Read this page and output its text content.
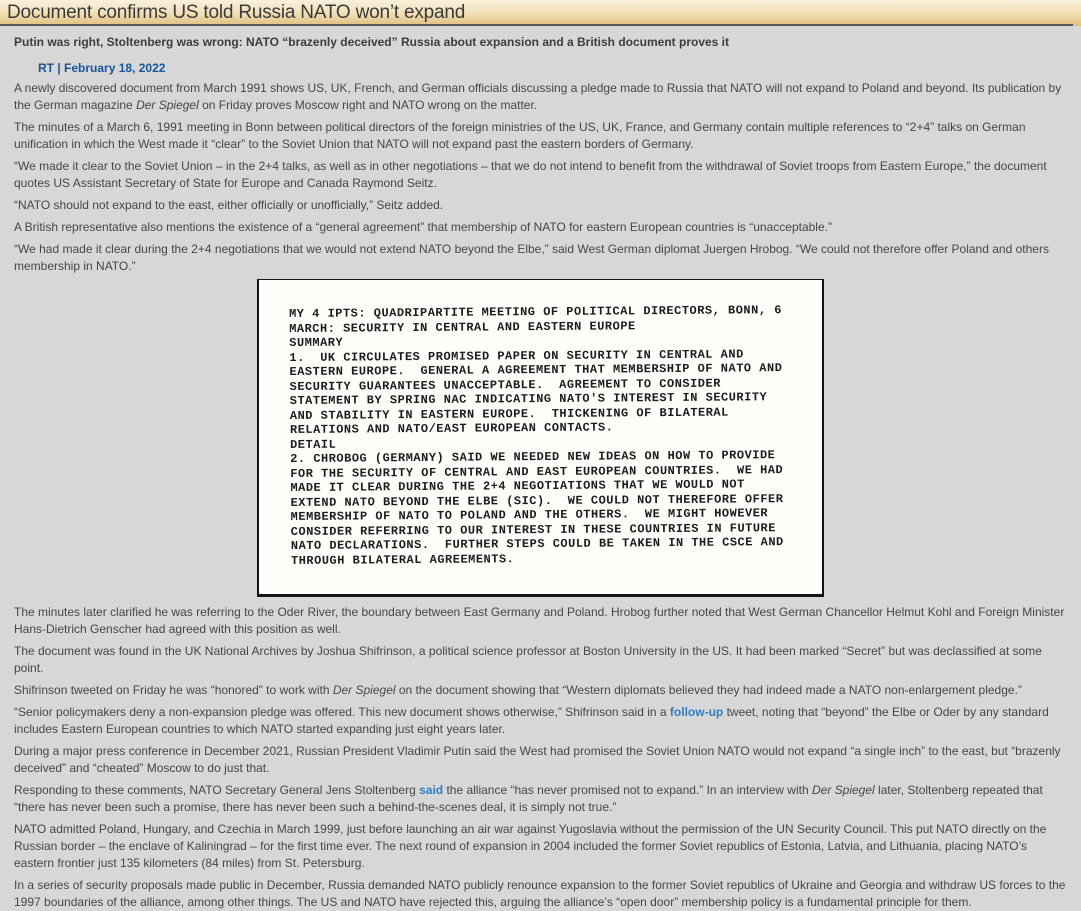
Document confirms US told Russia NATO won’t expand
Putin was right, Stoltenberg was wrong: NATO “brazenly deceived” Russia about expansion and a British document proves it
RT | February 18, 2022

A newly discovered document from March 1991 shows US, UK, French, and German officials discussing a pledge made to Russia that NATO will not expand to Poland and beyond. Its publication by the German magazine Der Spiegel on Friday proves Moscow right and NATO wrong on the matter.

The minutes of a March 6, 1991 meeting in Bonn between political directors of the foreign ministries of the US, UK, France, and Germany contain multiple references to “2+4” talks on German unification in which the West made it “clear” to the Soviet Union that NATO will not expand past the eastern borders of Germany.

“We made it clear to the Soviet Union – in the 2+4 talks, as well as in other negotiations – that we do not intend to benefit from the withdrawal of Soviet troops from Eastern Europe,” the document quotes US Assistant Secretary of State for Europe and Canada Raymond Seitz.

“NATO should not expand to the east, either officially or unofficially,” Seitz added.

A British representative also mentions the existence of a “general agreement” that membership of NATO for eastern European countries is “unacceptable.”

“We had made it clear during the 2+4 negotiations that we would not extend NATO beyond the Elbe,” said West German diplomat Juergen Hrobog. “We could not therefore offer Poland and others membership in NATO.”

MY 4 IPTS: QUADRIPARTITE MEETING OF POLITICAL DIRECTORS, BONN, 6
MARCH: SECURITY IN CENTRAL AND EASTERN EUROPE
SUMMARY
1.  UK CIRCULATES PROMISED PAPER ON SECURITY IN CENTRAL AND
EASTERN EUROPE.  GENERAL A AGREEMENT THAT MEMBERSHIP OF NATO AND
SECURITY GUARANTEES UNACCEPTABLE.  AGREEMENT TO CONSIDER
STATEMENT BY SPRING NAC INDICATING NATO'S INTEREST IN SECURITY
AND STABILITY IN EASTERN EUROPE.  THICKENING OF BILATERAL
RELATIONS AND NATO/EAST EUROPEAN CONTACTS.
DETAIL
2. CHROBOG (GERMANY) SAID WE NEEDED NEW IDEAS ON HOW TO PROVIDE
FOR THE SECURITY OF CENTRAL AND EAST EUROPEAN COUNTRIES.  WE HAD
MADE IT CLEAR DURING THE 2+4 NEGOTIATIONS THAT WE WOULD NOT
EXTEND NATO BEYOND THE ELBE (SIC).  WE COULD NOT THEREFORE OFFER
MEMBERSHIP OF NATO TO POLAND AND THE OTHERS.  WE MIGHT HOWEVER
CONSIDER REFERRING TO OUR INTEREST IN THESE COUNTRIES IN FUTURE
NATO DECLARATIONS.  FURTHER STEPS COULD BE TAKEN IN THE CSCE AND
THROUGH BILATERAL AGREEMENTS.

The minutes later clarified he was referring to the Oder River, the boundary between East Germany and Poland. Hrobog further noted that West German Chancellor Helmut Kohl and Foreign Minister Hans-Dietrich Genscher had agreed with this position as well.

The document was found in the UK National Archives by Joshua Shifrinson, a political science professor at Boston University in the US. It had been marked “Secret” but was declassified at some point.

Shifrinson tweeted on Friday he was “honored” to work with Der Spiegel on the document showing that “Western diplomats believed they had indeed made a NATO non-enlargement pledge.”

“Senior policymakers deny a non-expansion pledge was offered. This new document shows otherwise,” Shifrinson said in a follow-up tweet, noting that “beyond” the Elbe or Oder by any standard includes Eastern European countries to which NATO started expanding just eight years later.

During a major press conference in December 2021, Russian President Vladimir Putin said the West had promised the Soviet Union NATO would not expand “a single inch” to the east, but “brazenly deceived” and “cheated” Moscow to do just that.

Responding to these comments, NATO Secretary General Jens Stoltenberg said the alliance “has never promised not to expand.” In an interview with Der Spiegel later, Stoltenberg repeated that “there has never been such a promise, there has never been such a behind-the-scenes deal, it is simply not true.”

NATO admitted Poland, Hungary, and Czechia in March 1999, just before launching an air war against Yugoslavia without the permission of the UN Security Council. This put NATO directly on the Russian border – the enclave of Kaliningrad – for the first time ever. The next round of expansion in 2004 included the former Soviet republics of Estonia, Latvia, and Lithuania, placing NATO’s eastern frontier just 135 kilometers (84 miles) from St. Petersburg.

In a series of security proposals made public in December, Russia demanded NATO publicly renounce expansion to the former Soviet republics of Ukraine and Georgia and withdraw US forces to the 1997 boundaries of the alliance, among other things. The US and NATO have rejected this, arguing the alliance’s “open door” membership policy is a fundamental principle for them.
